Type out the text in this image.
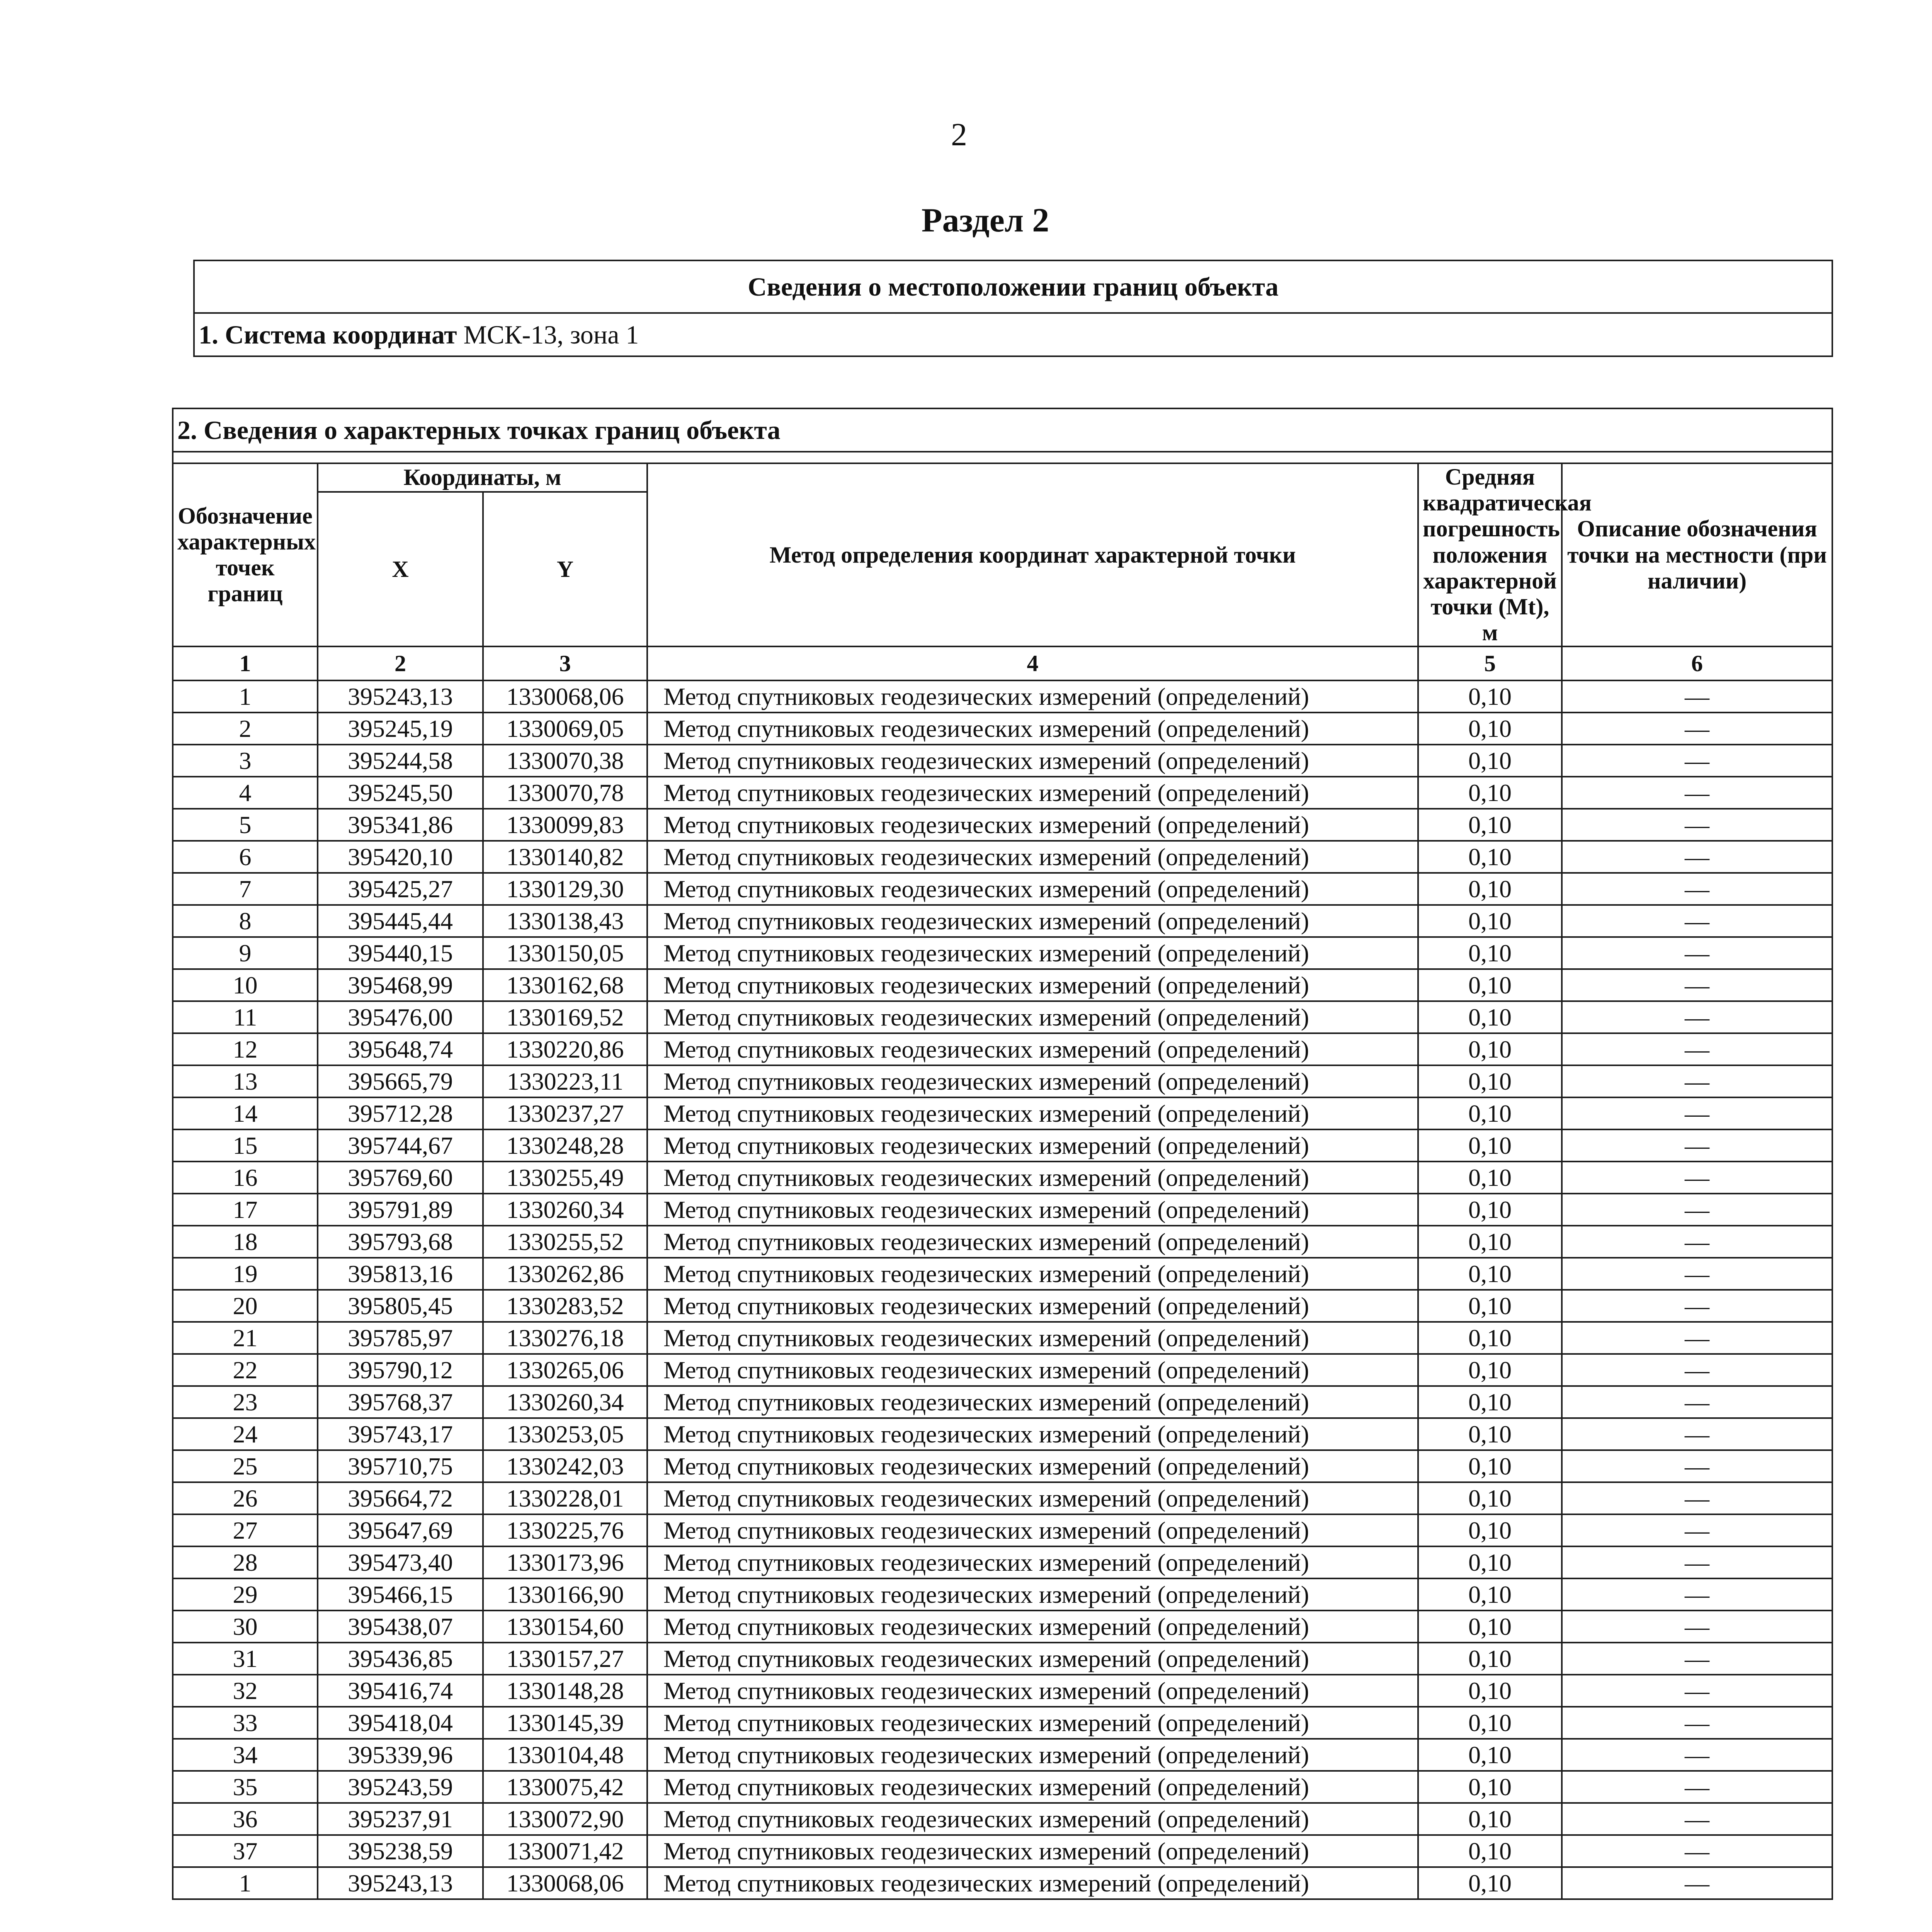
2
Раздел 2
Сведения о местоположении границ объекта
1. Система координат МСК-13, зона 1
2. Сведения о характерных точках границ объекта					

Обозначение характерных точек границ	Координаты, м		Метод определения координат характерной точки	Средняя квадратическая погрешность положения характерной точки (Mt), м	Описание обозначения точки на местности (при наличии)
	X	Y			
1	2	3	4	5	6
1	395243,13	1330068,06	Метод спутниковых геодезических измерений (определений)	0,10	—
2	395245,19	1330069,05	Метод спутниковых геодезических измерений (определений)	0,10	—
3	395244,58	1330070,38	Метод спутниковых геодезических измерений (определений)	0,10	—
4	395245,50	1330070,78	Метод спутниковых геодезических измерений (определений)	0,10	—
5	395341,86	1330099,83	Метод спутниковых геодезических измерений (определений)	0,10	—
6	395420,10	1330140,82	Метод спутниковых геодезических измерений (определений)	0,10	—
7	395425,27	1330129,30	Метод спутниковых геодезических измерений (определений)	0,10	—
8	395445,44	1330138,43	Метод спутниковых геодезических измерений (определений)	0,10	—
9	395440,15	1330150,05	Метод спутниковых геодезических измерений (определений)	0,10	—
10	395468,99	1330162,68	Метод спутниковых геодезических измерений (определений)	0,10	—
11	395476,00	1330169,52	Метод спутниковых геодезических измерений (определений)	0,10	—
12	395648,74	1330220,86	Метод спутниковых геодезических измерений (определений)	0,10	—
13	395665,79	1330223,11	Метод спутниковых геодезических измерений (определений)	0,10	—
14	395712,28	1330237,27	Метод спутниковых геодезических измерений (определений)	0,10	—
15	395744,67	1330248,28	Метод спутниковых геодезических измерений (определений)	0,10	—
16	395769,60	1330255,49	Метод спутниковых геодезических измерений (определений)	0,10	—
17	395791,89	1330260,34	Метод спутниковых геодезических измерений (определений)	0,10	—
18	395793,68	1330255,52	Метод спутниковых геодезических измерений (определений)	0,10	—
19	395813,16	1330262,86	Метод спутниковых геодезических измерений (определений)	0,10	—
20	395805,45	1330283,52	Метод спутниковых геодезических измерений (определений)	0,10	—
21	395785,97	1330276,18	Метод спутниковых геодезических измерений (определений)	0,10	—
22	395790,12	1330265,06	Метод спутниковых геодезических измерений (определений)	0,10	—
23	395768,37	1330260,34	Метод спутниковых геодезических измерений (определений)	0,10	—
24	395743,17	1330253,05	Метод спутниковых геодезических измерений (определений)	0,10	—
25	395710,75	1330242,03	Метод спутниковых геодезических измерений (определений)	0,10	—
26	395664,72	1330228,01	Метод спутниковых геодезических измерений (определений)	0,10	—
27	395647,69	1330225,76	Метод спутниковых геодезических измерений (определений)	0,10	—
28	395473,40	1330173,96	Метод спутниковых геодезических измерений (определений)	0,10	—
29	395466,15	1330166,90	Метод спутниковых геодезических измерений (определений)	0,10	—
30	395438,07	1330154,60	Метод спутниковых геодезических измерений (определений)	0,10	—
31	395436,85	1330157,27	Метод спутниковых геодезических измерений (определений)	0,10	—
32	395416,74	1330148,28	Метод спутниковых геодезических измерений (определений)	0,10	—
33	395418,04	1330145,39	Метод спутниковых геодезических измерений (определений)	0,10	—
34	395339,96	1330104,48	Метод спутниковых геодезических измерений (определений)	0,10	—
35	395243,59	1330075,42	Метод спутниковых геодезических измерений (определений)	0,10	—
36	395237,91	1330072,90	Метод спутниковых геодезических измерений (определений)	0,10	—
37	395238,59	1330071,42	Метод спутниковых геодезических измерений (определений)	0,10	—
1	395243,13	1330068,06	Метод спутниковых геодезических измерений (определений)	0,10	—
